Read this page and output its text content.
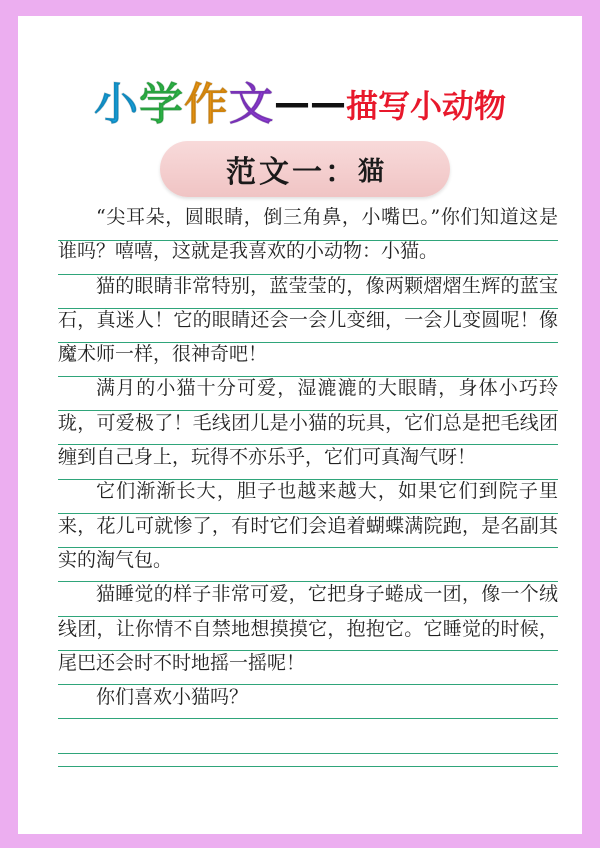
小学作文——描写小动物
范文一： 猫

“尖耳朵，圆眼睛，倒三角鼻，小嘴巴。”你们知道这是谁吗？嘻嘻，这就是我喜欢的小动物：小猫。

猫的眼睛非常特别，蓝莹莹的，像两颗熠熠生辉的蓝宝石，真迷人！它的眼睛还会一会儿变细，一会儿变圆呢！像魔术师一样，很神奇吧！

满月的小猫十分可爱，湿漉漉的大眼睛，身体小巧玲珑，可爱极了！毛线团儿是小猫的玩具，它们总是把毛线团缠到自己身上，玩得不亦乐乎，它们可真淘气呀！

它们渐渐长大，胆子也越来越大，如果它们到院子里来，花儿可就惨了，有时它们会追着蝴蝶满院跑，是名副其实的淘气包。

猫睡觉的样子非常可爱，它把身子蜷成一团，像一个绒线团，让你情不自禁地想摸摸它，抱抱它。它睡觉的时候，尾巴还会时不时地摇一摇呢！

你们喜欢小猫吗？
